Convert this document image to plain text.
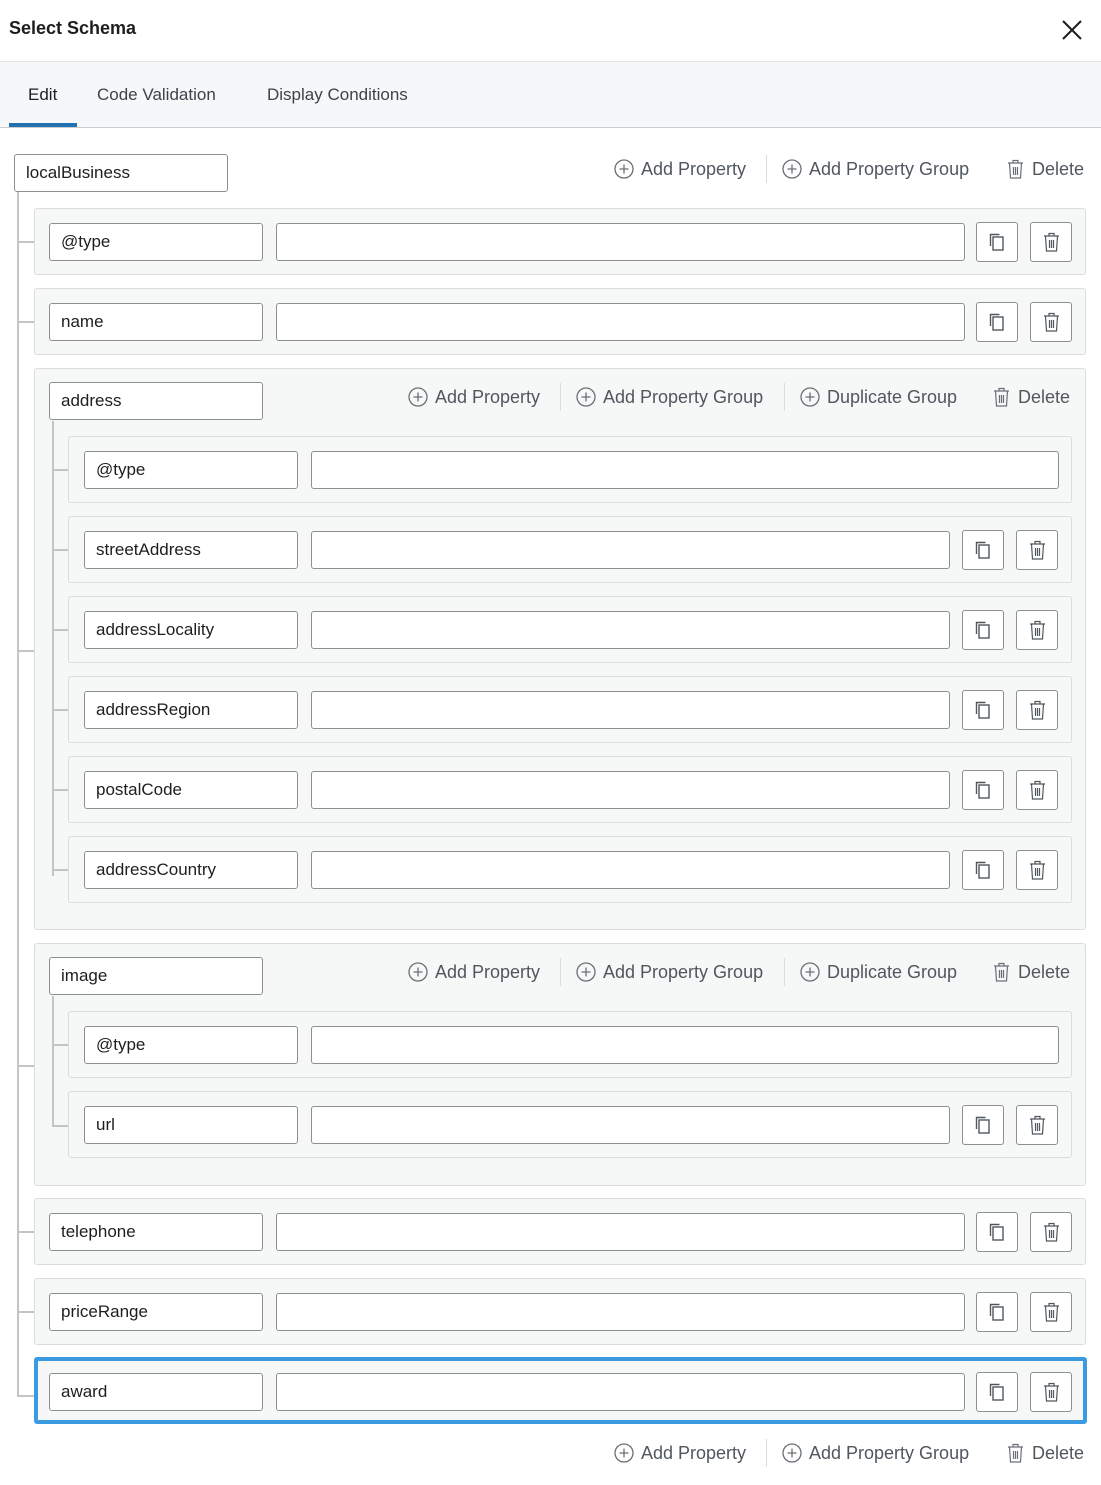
Select Schema
Edit Code Validation	Display Conditions
localBusiness	Add Property	Add Property Group	Delete
@type
name
address	Add Property	Add Property Group	Duplicate Group	Delete
@type
streetAddress
addressLocality
addressRegion
postalCode
addressCountry
image	Add Property	Add Property Group	Duplicate Group	Delete
@type
url
telephone
priceRange
award
Add Property	Add Property Group	Delete
